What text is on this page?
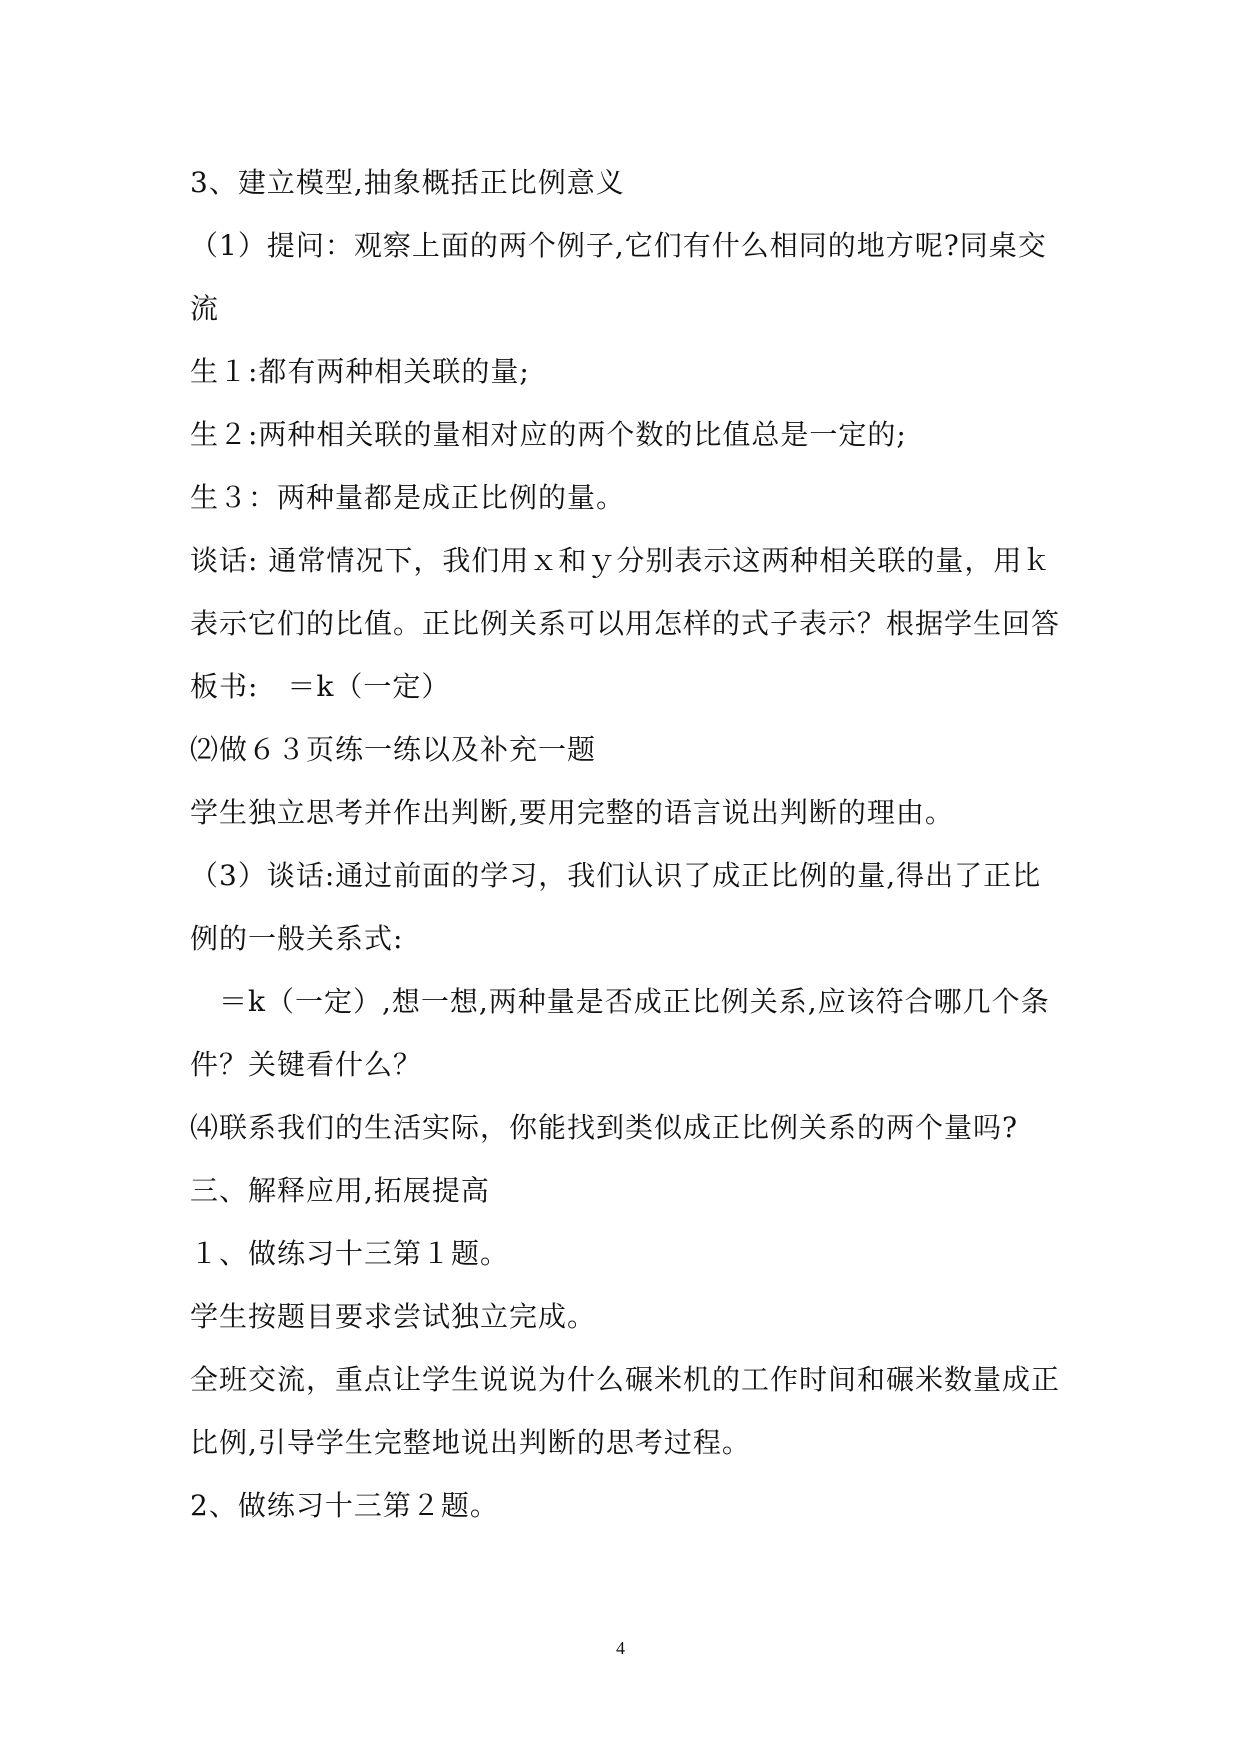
3、建立模型,抽象概括正比例意义
（1）提问：观察上面的两个例子,它们有什么相同的地方呢?同桌交
流
生１:都有两种相关联的量;
生２:两种相关联的量相对应的两个数的比值总是一定的;
生３：两种量都是成正比例的量。
谈话: 通常情况下，我们用ｘ和ｙ分别表示这两种相关联的量，用ｋ
表示它们的比值。正比例关系可以用怎样的式子表示？根据学生回答
板书:　＝k（一定）
⑵做６３页练一练以及补充一题
学生独立思考并作出判断,要用完整的语言说出判断的理由。
（3）谈话:通过前面的学习，我们认识了成正比例的量,得出了正比
例的一般关系式:
　＝k（一定）,想一想,两种量是否成正比例关系,应该符合哪几个条
件？关键看什么？
⑷联系我们的生活实际，你能找到类似成正比例关系的两个量吗?
三、解释应用,拓展提高
１、做练习十三第１题。
学生按题目要求尝试独立完成。
全班交流，重点让学生说说为什么碾米机的工作时间和碾米数量成正
比例,引导学生完整地说出判断的思考过程。
2、做练习十三第２题。
4
